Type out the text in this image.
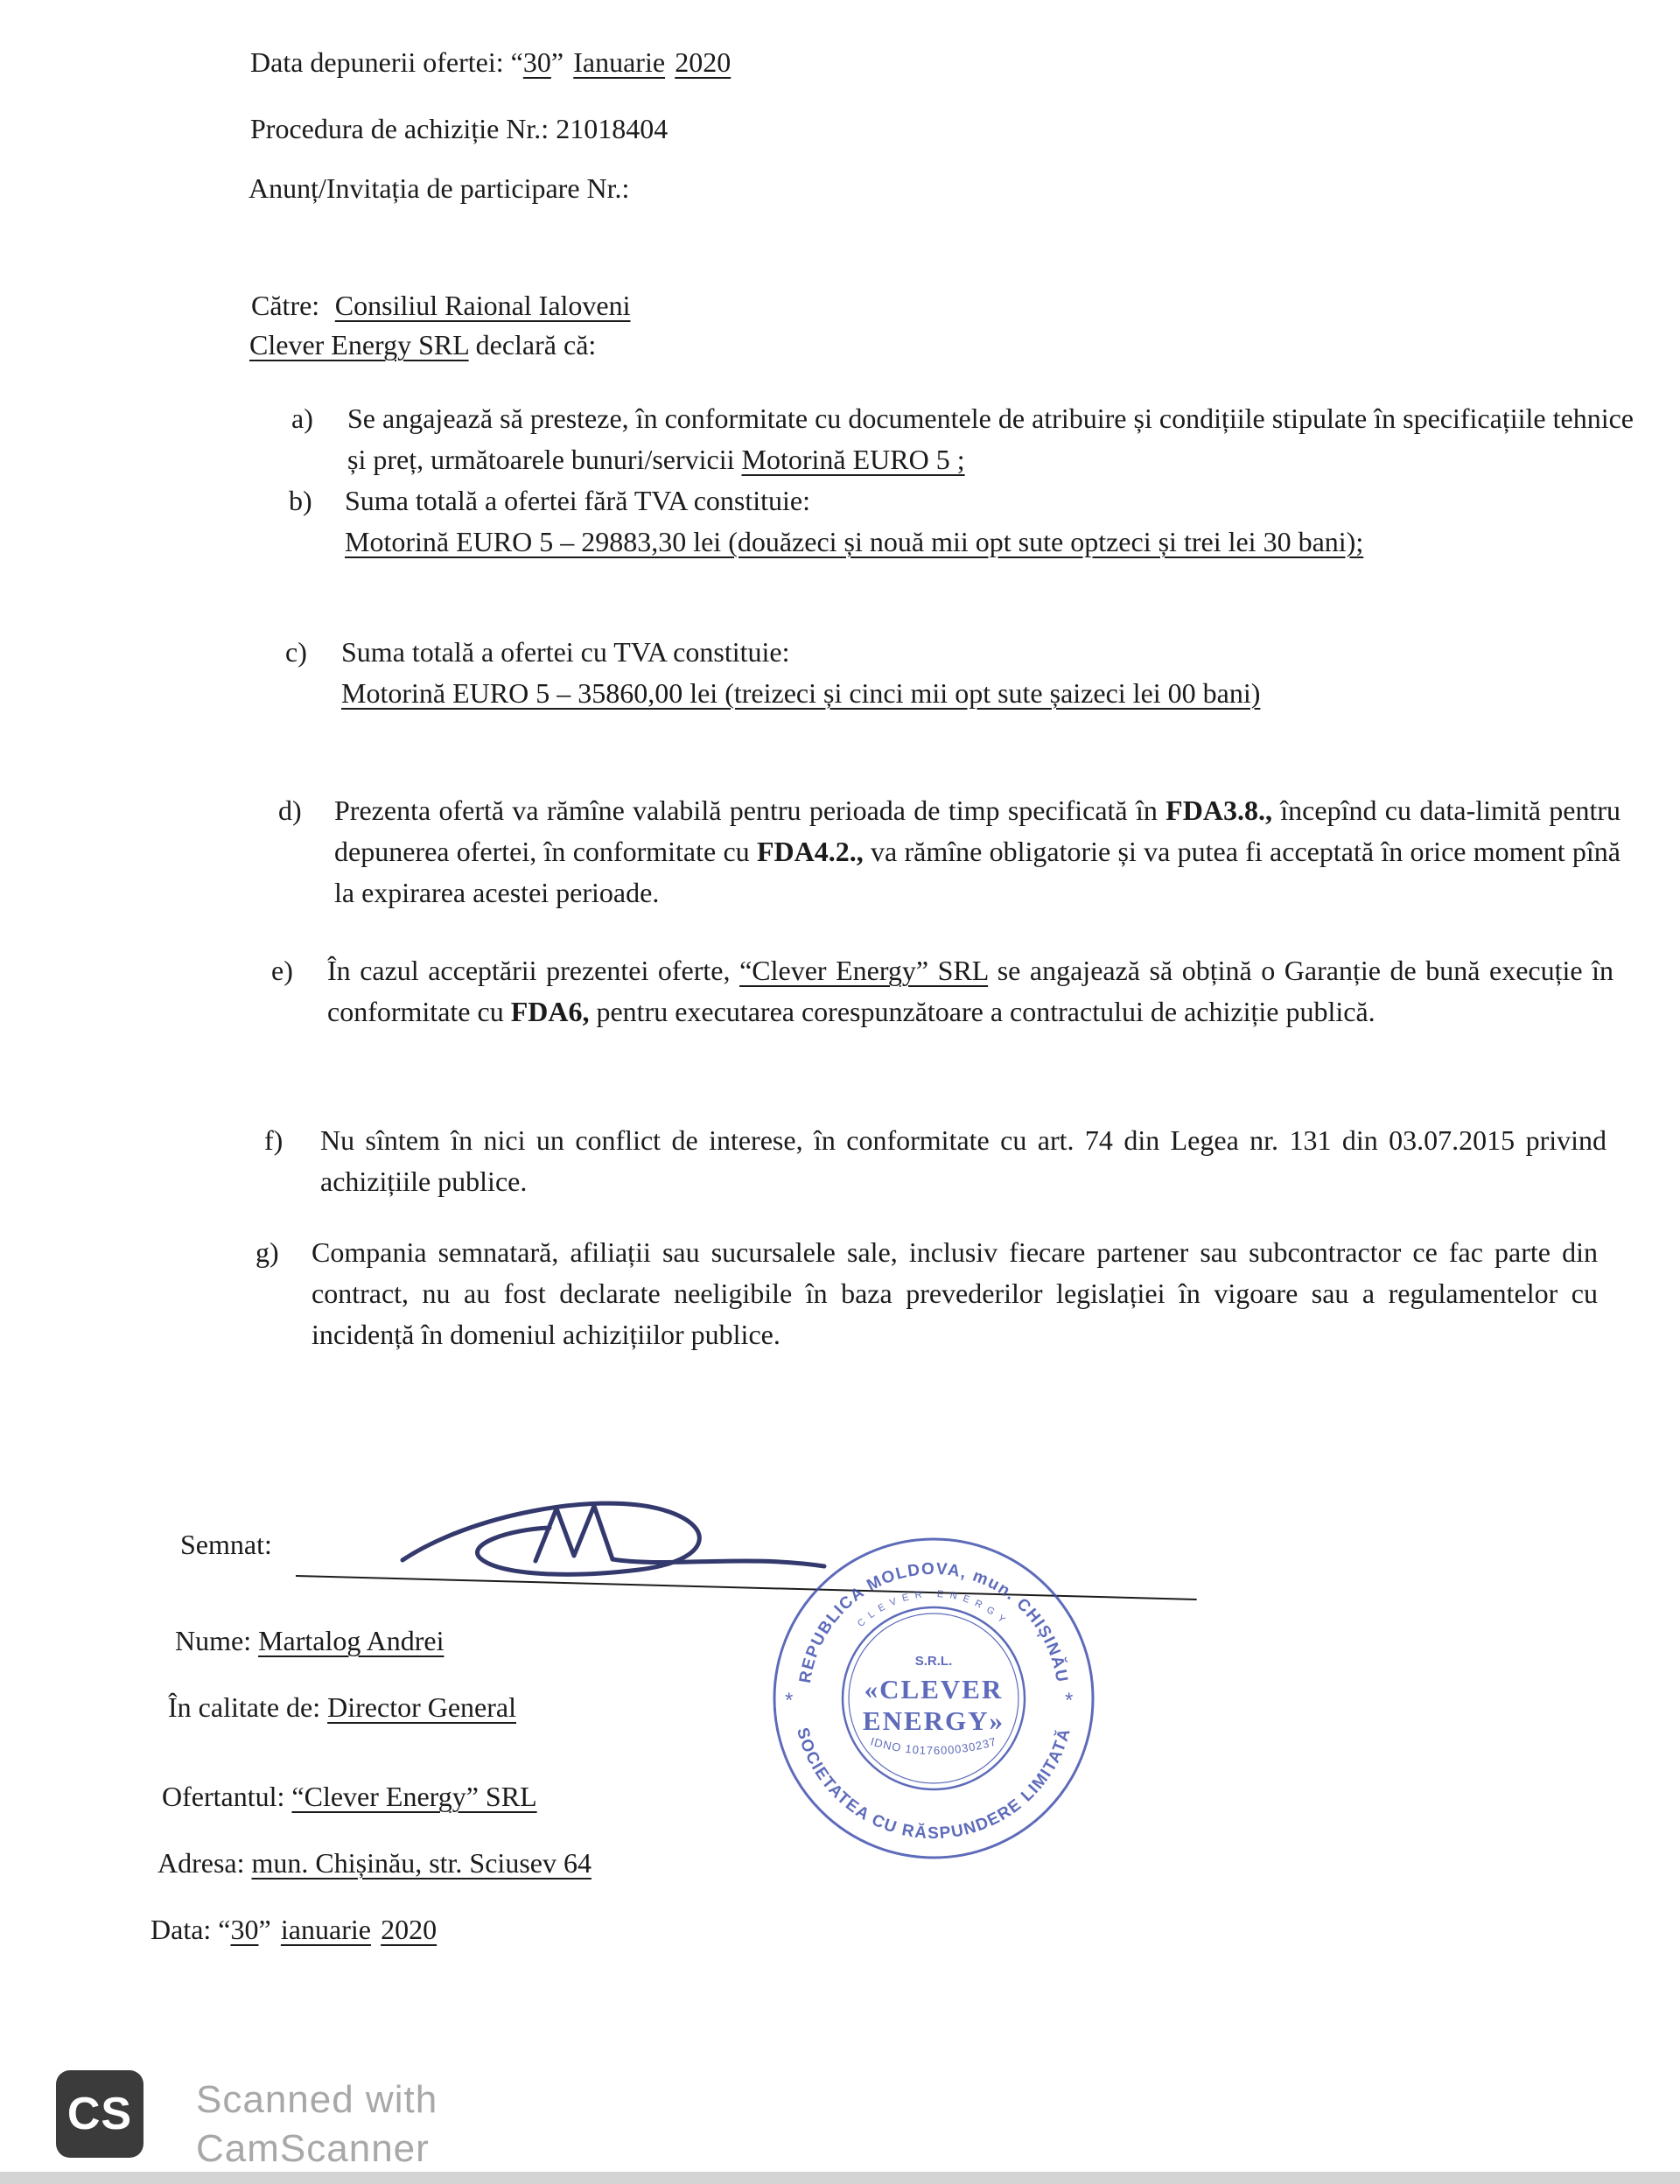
Data depunerii ofertei: “30” Ianuarie 2020
Procedura de achiziție Nr.: 21018404
Anunț/Invitația de participare Nr.:
Către: Consiliul Raional Ialoveni
Clever Energy SRL declară că:
a) Se angajează să presteze, în conformitate cu documentele de atribuire și condițiile stipulate în specificațiile tehnice și preț, următoarele bunuri/servicii Motorină EURO 5 ;
b) Suma totală a ofertei fără TVA constituie:
Motorină EURO 5 – 29883,30 lei (douăzeci și nouă mii opt sute optzeci și trei lei 30 bani);
c) Suma totală a ofertei cu TVA constituie:
Motorină EURO 5 – 35860,00 lei (treizeci și cinci mii opt sute șaizeci lei 00 bani)
d) Prezenta ofertă va rămîne valabilă pentru perioada de timp specificată în FDA3.8., începînd cu data-limită pentru depunerea ofertei, în conformitate cu FDA4.2., va rămîne obligatorie și va putea fi acceptată în orice moment pînă la expirarea acestei perioade.
e) În cazul acceptării prezentei oferte, “Clever Energy” SRL se angajează să obțină o Garanție de bună execuție în conformitate cu FDA6, pentru executarea corespunzătoare a contractului de achiziție publică.
f) Nu sîntem în nici un conflict de interese, în conformitate cu art. 74 din Legea nr. 131 din 03.07.2015 privind achizițiile publice.
g) Compania semnatară, afiliații sau sucursalele sale, inclusiv fiecare partener sau subcontractor ce fac parte din contract, nu au fost declarate neeligibile în baza prevederilor legislației în vigoare sau a regulamentelor cu incidență în domeniul achizițiilor publice.
Semnat:
Nume: Martalog Andrei
În calitate de: Director General
Ofertantul: “Clever Energy” SRL
Adresa: mun. Chișinău, str. Sciusev 64
Data: “30” ianuarie 2020
REPUBLICA MOLDOVA, mun. CHIȘINĂU
SOCIETATEA CU RĂSPUNDERE LIMITATĂ
CLEVER ENERGY
S.R.L.
«CLEVER
ENERGY»
IDNO 1017600030237
*	*
CS Scanned with
CamScanner
